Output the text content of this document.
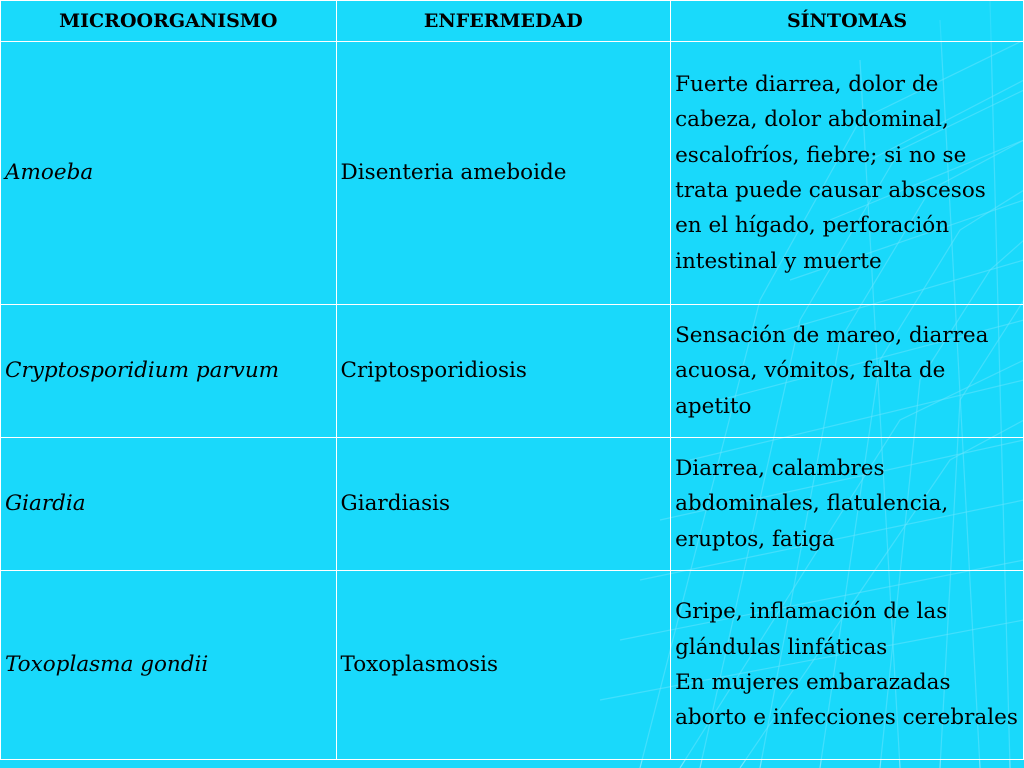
MICROORGANISMO	ENFERMEDAD	SÍNTOMAS
Amoeba	Disenteria ameboide	Fuerte diarrea, dolor de cabeza, dolor abdominal, escalofríos, fiebre; si no se trata puede causar abscesos en el hígado, perforación intestinal y muerte

Cryptosporidium parvum	Criptosporidiosis	Sensación de mareo, diarrea acuosa, vómitos, falta de apetito

Giardia	Giardiasis	Diarrea, calambres abdominales, flatulencia, eruptos, fatiga

Toxoplasma gondii	Toxoplasmosis	Gripe, inflamación de las glándulas linfáticas
En mujeres embarazadas aborto e infecciones cerebrales
